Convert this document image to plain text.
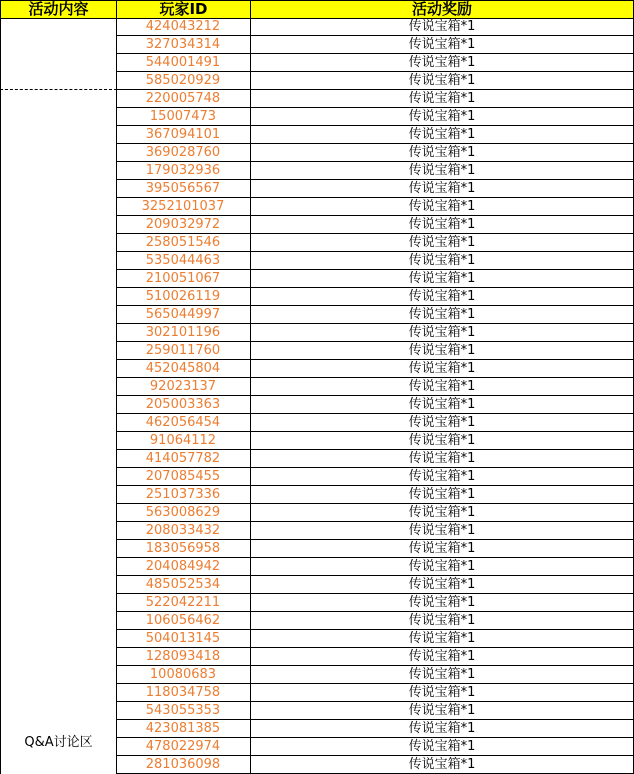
活动内容	玩家ID	活动奖励
Q&A讨论区
424043212	传说宝箱*1
327034314	传说宝箱*1
544001491	传说宝箱*1
585020929	传说宝箱*1
220005748	传说宝箱*1
15007473	传说宝箱*1
367094101	传说宝箱*1
369028760	传说宝箱*1
179032936	传说宝箱*1
395056567	传说宝箱*1
3252101037	传说宝箱*1
209032972	传说宝箱*1
258051546	传说宝箱*1
535044463	传说宝箱*1
210051067	传说宝箱*1
510026119	传说宝箱*1
565044997	传说宝箱*1
302101196	传说宝箱*1
259011760	传说宝箱*1
452045804	传说宝箱*1
92023137	传说宝箱*1
205003363	传说宝箱*1
462056454	传说宝箱*1
91064112	传说宝箱*1
414057782	传说宝箱*1
207085455	传说宝箱*1
251037336	传说宝箱*1
563008629	传说宝箱*1
208033432	传说宝箱*1
183056958	传说宝箱*1
204084942	传说宝箱*1
485052534	传说宝箱*1
522042211	传说宝箱*1
106056462	传说宝箱*1
504013145	传说宝箱*1
128093418	传说宝箱*1
10080683	传说宝箱*1
118034758	传说宝箱*1
543055353	传说宝箱*1
423081385	传说宝箱*1
478022974	传说宝箱*1
281036098	传说宝箱*1
